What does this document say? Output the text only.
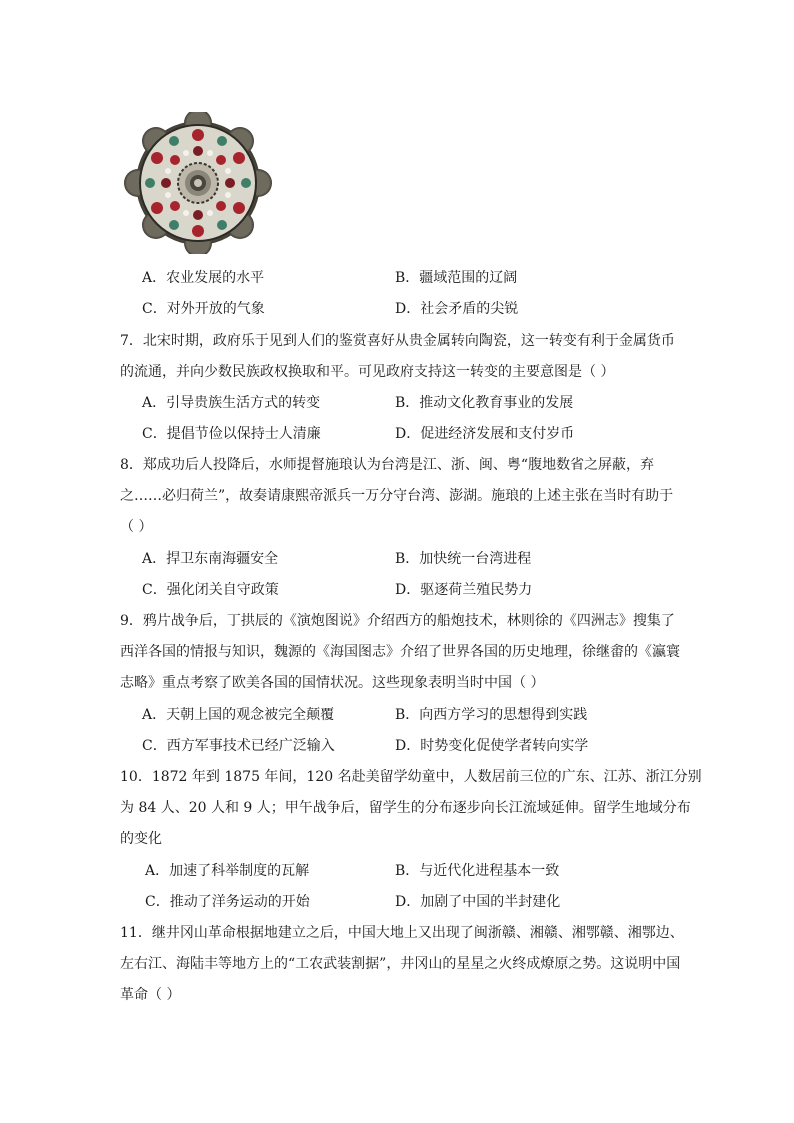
A．农业发展的水平	B．疆域范围的辽阔
C．对外开放的气象	D．社会矛盾的尖锐
7．北宋时期，政府乐于见到人们的鉴赏喜好从贵金属转向陶瓷，这一转变有利于金属货币
的流通，并向少数民族政权换取和平。可见政府支持这一转变的主要意图是（ ）
A．引导贵族生活方式的转变	B．推动文化教育事业的发展
C．提倡节俭以保持士人清廉	D．促进经济发展和支付岁币
8．郑成功后人投降后，水师提督施琅认为台湾是江、浙、闽、粤“腹地数省之屏蔽，弃
之……必归荷兰”，故奏请康熙帝派兵一万分守台湾、澎湖。施琅的上述主张在当时有助于
（ ）
A．捍卫东南海疆安全	B．加快统一台湾进程
C．强化闭关自守政策	D．驱逐荷兰殖民势力
9．鸦片战争后，丁拱辰的《演炮图说》介绍西方的船炮技术，林则徐的《四洲志》搜集了
西洋各国的情报与知识，魏源的《海国图志》介绍了世界各国的历史地理，徐继畬的《瀛寰
志略》重点考察了欧美各国的国情状况。这些现象表明当时中国（ ）
A．天朝上国的观念被完全颠覆	B．向西方学习的思想得到实践
C．西方军事技术已经广泛输入	D．时势变化促使学者转向实学
10．1872 年到 1875 年间，120 名赴美留学幼童中，人数居前三位的广东、江苏、浙江分别
为 84 人、20 人和 9 人；甲午战争后，留学生的分布逐步向长江流域延伸。留学生地域分布
的变化
A．加速了科举制度的瓦解	B．与近代化进程基本一致
C．推动了洋务运动的开始	D．加剧了中国的半封建化
11．继井冈山革命根据地建立之后，中国大地上又出现了闽浙赣、湘赣、湘鄂赣、湘鄂边、
左右江、海陆丰等地方上的“工农武装割据”，井冈山的星星之火终成燎原之势。这说明中国
革命（ ）
